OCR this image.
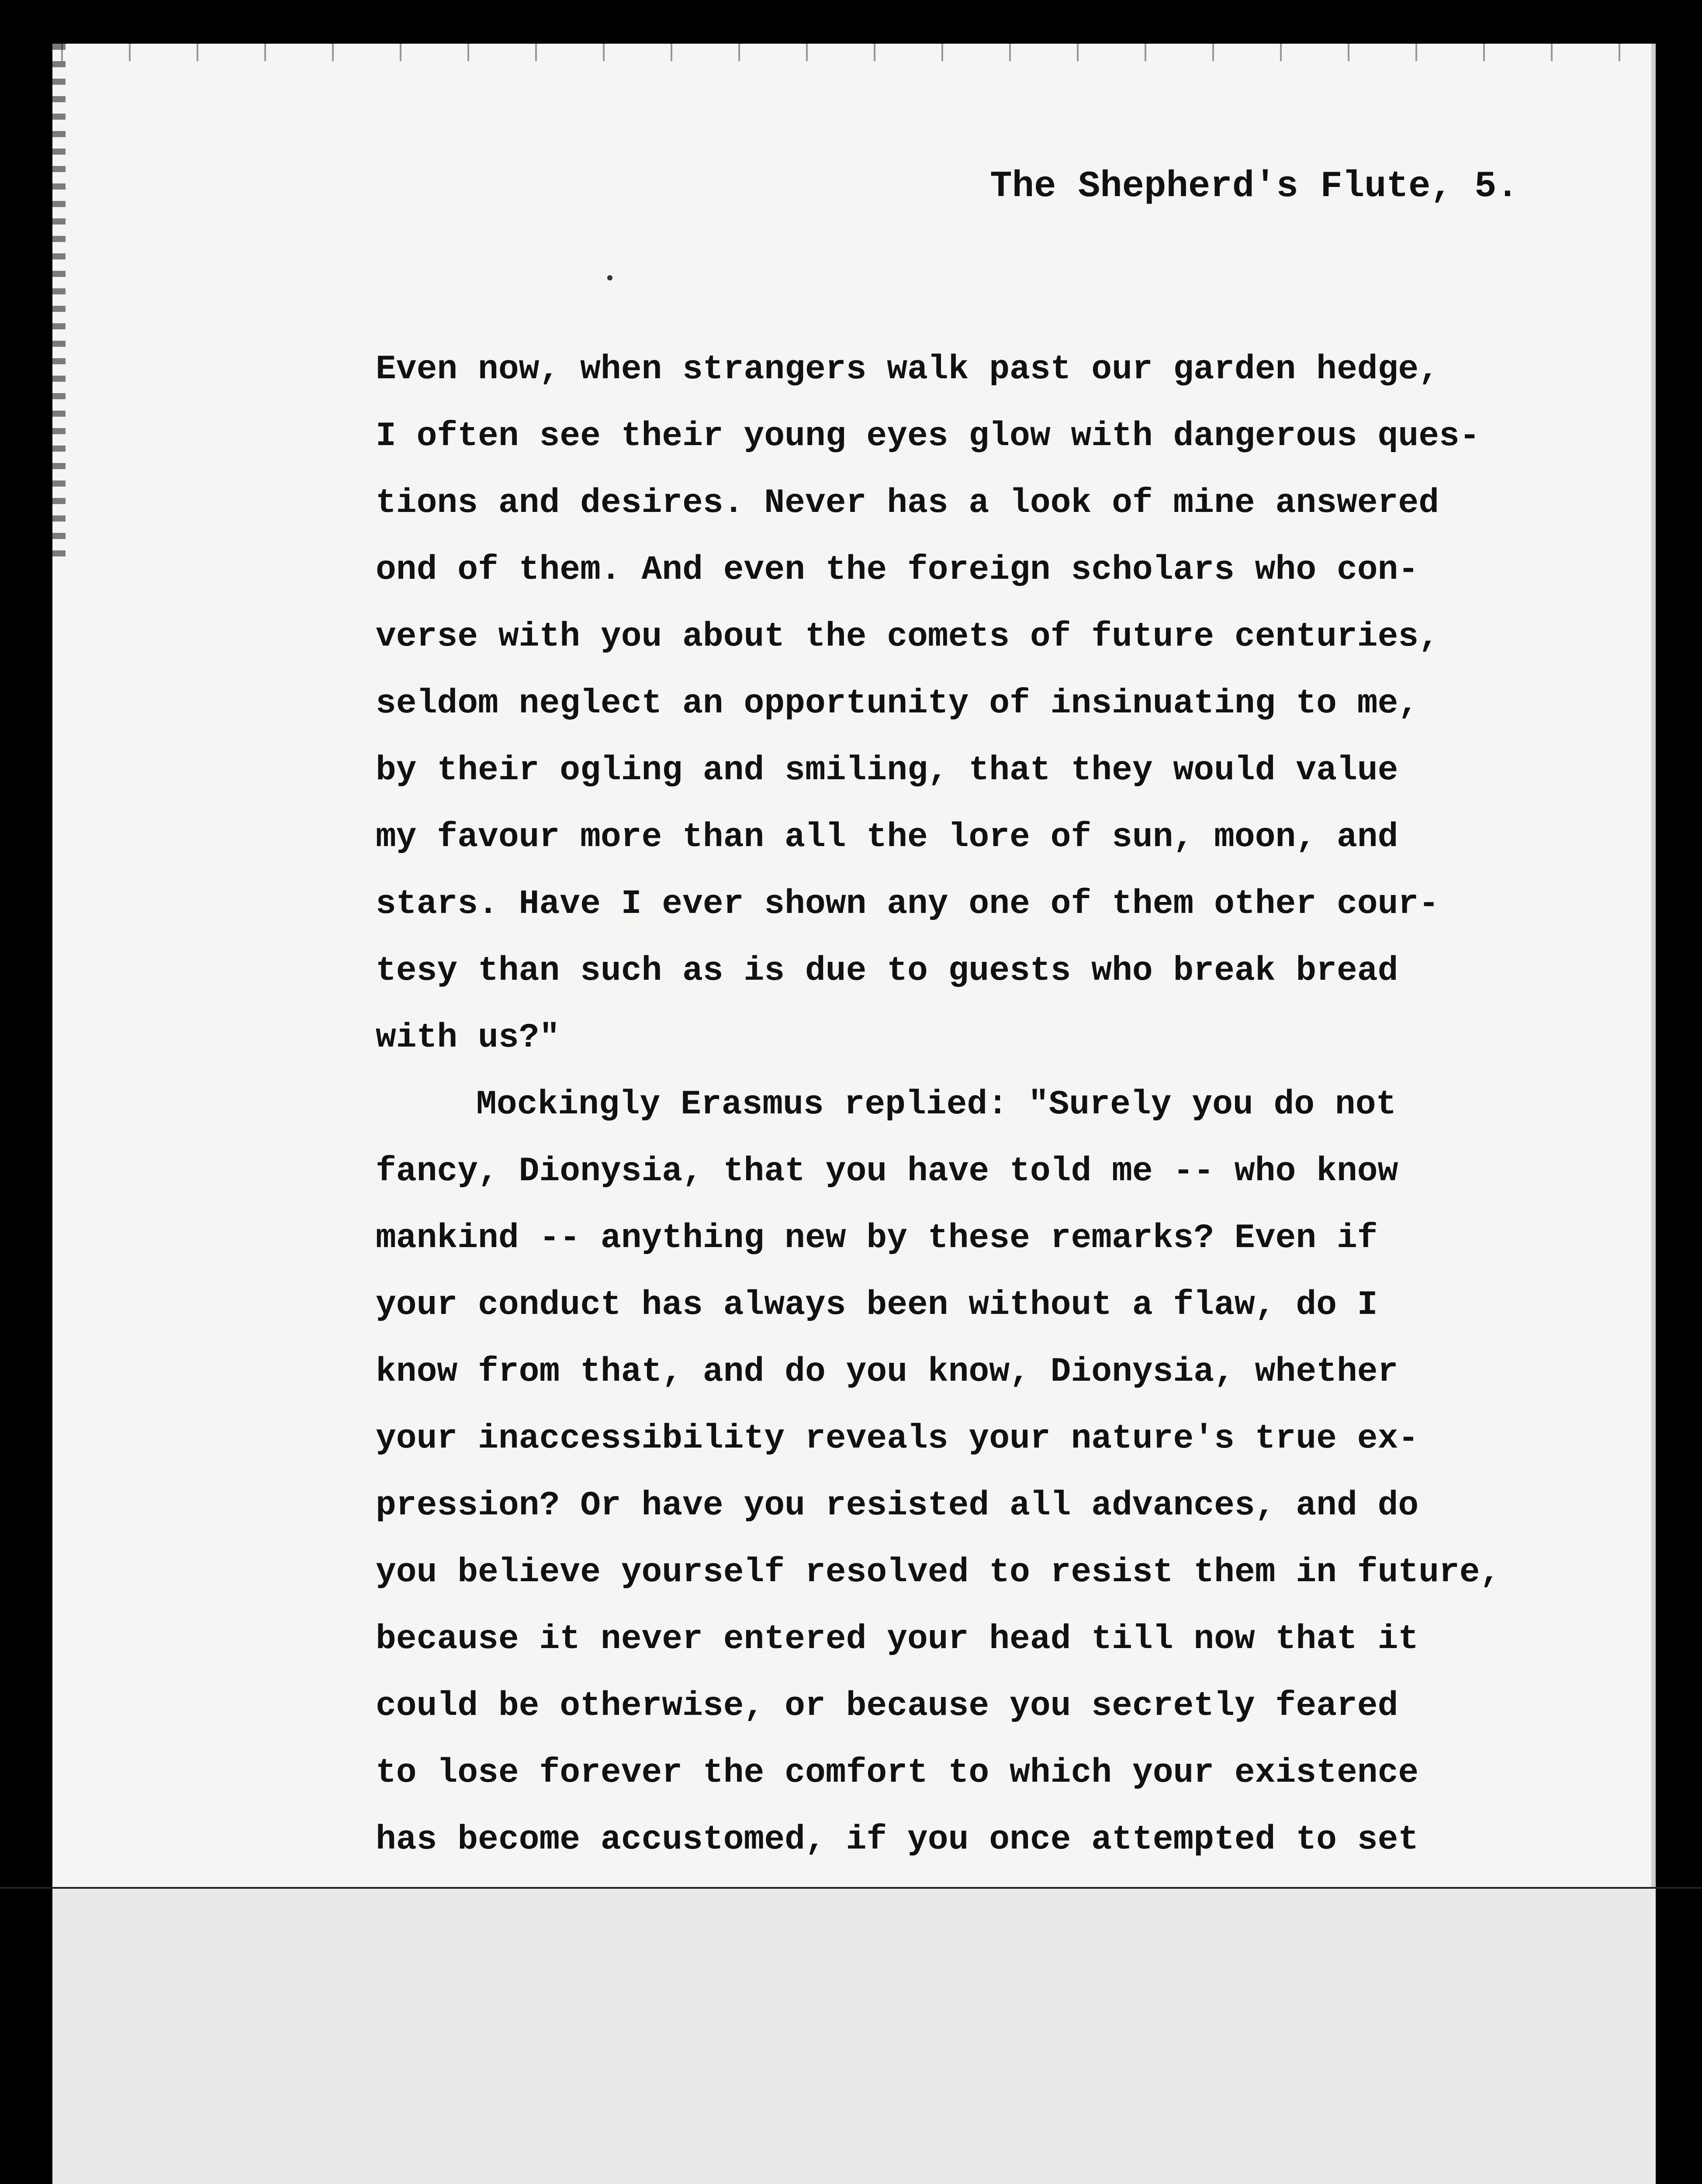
The Shepherd's Flute, 5.
Even now, when strangers walk past our garden hedge,
I often see their young eyes glow with dangerous ques-
tions and desires. Never has a look of mine answered
ond of them. And even the foreign scholars who con-
verse with you about the comets of future centuries,
seldom neglect an opportunity of insinuating to me,
by their ogling and smiling, that they would value
my favour more than all the lore of sun, moon, and
stars. Have I ever shown any one of them other cour-
tesy than such as is due to guests who break bread
with us?"
Mockingly Erasmus replied: "Surely you do not
fancy, Dionysia, that you have told me -- who know
mankind -- anything new by these remarks? Even if
your conduct has always been without a flaw, do I
know from that, and do you know, Dionysia, whether
your inaccessibility reveals your nature's true ex-
pression? Or have you resisted all advances, and do
you believe yourself resolved to resist them in future,
because it never entered your head till now that it
could be otherwise, or because you secretly feared
to lose forever the comfort to which your existence
has become accustomed, if you once attempted to set
